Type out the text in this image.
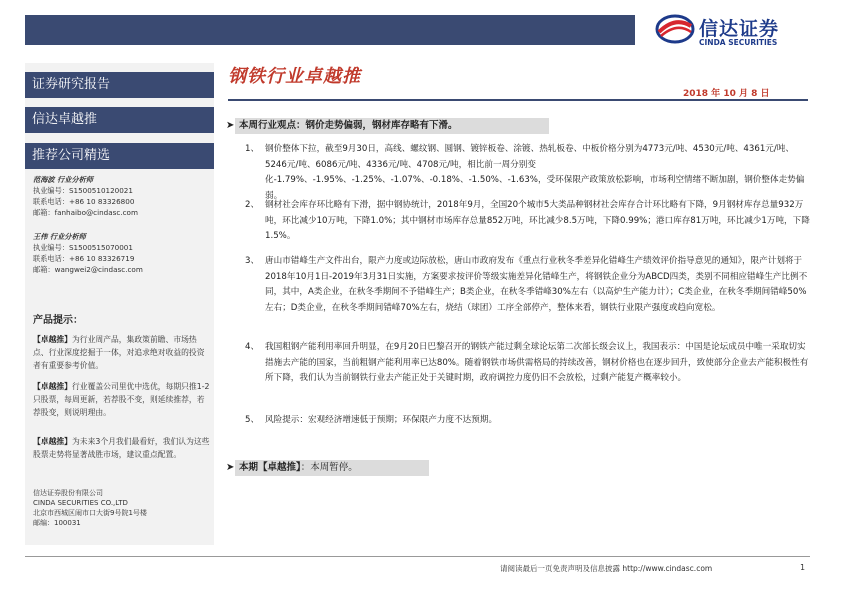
信达证券
CINDA SECURITIES
证券研究报告
信达卓越推
推荐公司精选
范海波 行业分析师
执业编号：S1500510120021
联系电话：+86 10 83326800
邮箱：fanhaibo@cindasc.com
王伟 行业分析师
执业编号：S1500515070001
联系电话：+86 10 83326719
邮箱：wangwei2@cindasc.com
产品提示：
【卓越推】为行业周产品，集政策前瞻、市场热点、行业深度挖掘于一体，对追求绝对收益的投资者有重要参考价值。
【卓越推】行业覆盖公司里优中选优，每期只推1-2只股票，每周更新，若荐股不变，则延续推荐，若荐股变，则说明理由。
【卓越推】为未来3个月我们最看好，我们认为这些股票走势将显著战胜市场，建议重点配置。
信达证券股份有限公司
CINDA SECURITIES CO.,LTD
北京市西城区闹市口大街9号院1号楼
邮编：100031
钢铁行业卓越推
2018 年 10 月 8 日
➤ 本周行业观点：钢价走势偏弱，钢材库存略有下滑。
1、 钢价整体下拉，截至9月30日，高线、螺纹钢、圆钢、镀锌板卷、涂镀、热轧板卷、中板价格分别为4773元/吨、4530元/吨、4361元/吨、5246元/吨、6086元/吨、4336元/吨、4708元/吨，相比前一周分别变化-1.79%、-1.95%、-1.25%、-1.07%、-0.18%、-1.50%、-1.63%，受环保限产政策放松影响，市场利空情绪不断加剧，钢价整体走势偏弱。
2、 钢材社会库存环比略有下滑，据中钢协统计，2018年9月，全国20个城市5大类品种钢材社会库存合计环比略有下降，9月钢材库存总量932万吨，环比减少10万吨，下降1.0%；其中钢材市场库存总量852万吨，环比减少8.5万吨，下降0.99%；港口库存81万吨，环比减少1万吨，下降1.5%。
3、 唐山市错峰生产文件出台，限产力度或边际放松，唐山市政府发布《重点行业秋冬季差异化错峰生产绩效评价指导意见的通知》，限产计划将于2018年10月1日-2019年3月31日实施，方案要求按评价等级实施差异化错峰生产，将钢铁企业分为ABCD四类，类别不同相应错峰生产比例不同，其中，A类企业，在秋冬季期间不予错峰生产；B类企业，在秋冬季错峰30%左右（以高炉生产能力计）；C类企业，在秋冬季期间错峰50%左右；D类企业，在秋冬季期间错峰70%左右，烧结（球团）工序全部停产，整体来看，钢铁行业限产强度或趋向宽松。
4、 我国粗钢产能利用率回升明显，在9月20日巴黎召开的钢铁产能过剩全球论坛第二次部长级会议上，我国表示：中国是论坛成员中唯一采取切实措施去产能的国家，当前粗钢产能利用率已达80%。随着钢铁市场供需格局的持续改善，钢材价格也在逐步回升，致使部分企业去产能积极性有所下降，我们认为当前钢铁行业去产能正处于关键时期，政府调控力度仍旧不会放松，过剩产能复产概率较小。
5、 风险提示：宏观经济增速低于预期；环保限产力度不达预期。
➤ 本期【卓越推】：本周暂停。
请阅读最后一页免责声明及信息披露 http://www.cindasc.com	1
